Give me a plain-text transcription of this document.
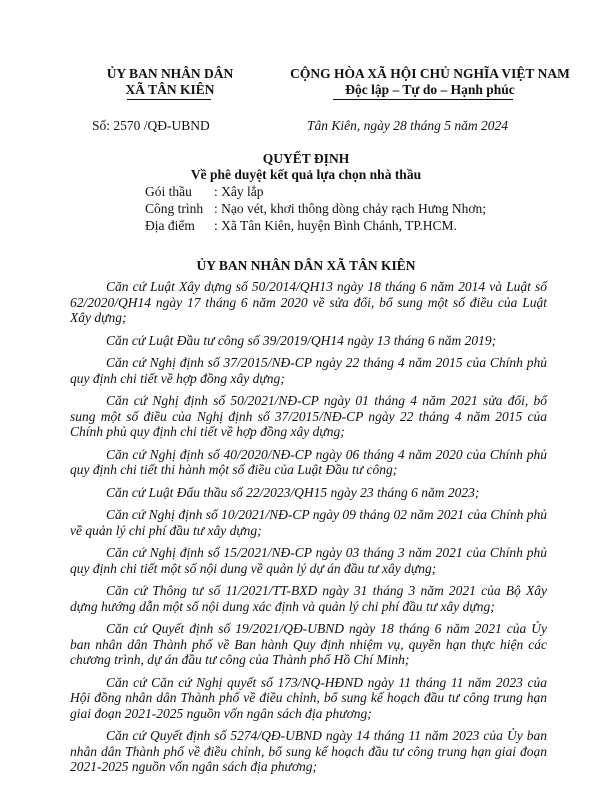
ỦY BAN NHÂN DÂN
XÃ TÂN KIÊN
Số: 2570 /QĐ-UBND
CỘNG HÒA XÃ HỘI CHỦ NGHĨA VIỆT NAM
Độc lập – Tự do – Hạnh phúc
Tân Kiên, ngày 28 tháng 5 năm 2024
QUYẾT ĐỊNH
Về phê duyệt kết quả lựa chọn nhà thầu
Gói thầu : Xây lắp
Công trình : Nạo vét, khơi thông dòng chảy rạch Hưng Nhơn;
Địa điểm : Xã Tân Kiên, huyện Bình Chánh, TP.HCM.
ỦY BAN NHÂN DÂN XÃ TÂN KIÊN

Căn cứ Luật Xây dựng số 50/2014/QH13 ngày 18 tháng 6 năm 2014 và Luật số 62/2020/QH14 ngày 17 tháng 6 năm 2020 về sửa đổi, bổ sung một số điều của Luật Xây dựng;

Căn cứ Luật Đầu tư công số 39/2019/QH14 ngày 13 tháng 6 năm 2019;

Căn cứ Nghị định số 37/2015/NĐ-CP ngày 22 tháng 4 năm 2015 của Chính phủ quy định chi tiết về hợp đồng xây dựng;

Căn cứ Nghị định số 50/2021/NĐ-CP ngày 01 tháng 4 năm 2021 sửa đổi, bổ sung một số điều của Nghị định số 37/2015/NĐ-CP ngày 22 tháng 4 năm 2015 của Chính phủ quy định chi tiết về hợp đồng xây dựng;

Căn cứ Nghị định số 40/2020/NĐ-CP ngày 06 tháng 4 năm 2020 của Chính phủ quy định chi tiết thi hành một số điều của Luật Đầu tư công;

Căn cứ Luật Đấu thầu số 22/2023/QH15 ngày 23 tháng 6 năm 2023;

Căn cứ Nghị định số 10/2021/NĐ-CP ngày 09 tháng 02 năm 2021 của Chính phủ về quản lý chi phí đầu tư xây dựng;

Căn cứ Nghị định số 15/2021/NĐ-CP ngày 03 tháng 3 năm 2021 của Chính phủ quy định chi tiết một số nội dung về quản lý dự án đầu tư xây dựng;

Căn cứ Thông tư số 11/2021/TT-BXD ngày 31 tháng 3 năm 2021 của Bộ Xây dựng hướng dẫn một số nội dung xác định và quản lý chi phí đầu tư xây dựng;

Căn cứ Quyết định số 19/2021/QĐ-UBND ngày 18 tháng 6 năm 2021 của Ủy ban nhân dân Thành phố về Ban hành Quy định nhiệm vụ, quyền hạn thực hiện các chương trình, dự án đầu tư công của Thành phố Hồ Chí Minh;

Căn cứ Căn cứ Nghị quyết số 173/NQ-HĐND ngày 11 tháng 11 năm 2023 của Hội đồng nhân dân Thành phố về điều chỉnh, bổ sung kế hoạch đầu tư công trung hạn giai đoạn 2021-2025 nguồn vốn ngân sách địa phương;

Căn cứ Quyết định số 5274/QĐ-UBND ngày 14 tháng 11 năm 2023 của Ủy ban nhân dân Thành phố về điều chỉnh, bổ sung kế hoạch đầu tư công trung hạn giai đoạn 2021-2025 nguồn vốn ngân sách địa phương;
